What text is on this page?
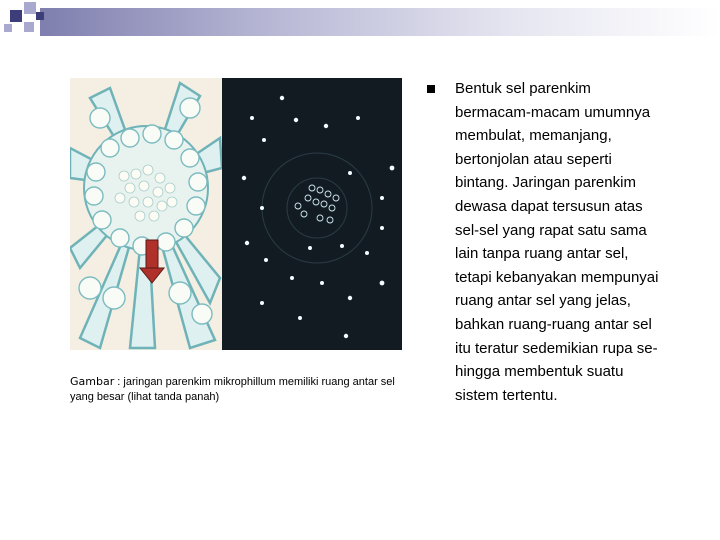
Gambar : jaringan parenkim mikrophillum memiliki ruang antar sel yang besar (lihat tanda panah)
Bentuk sel parenkim
bermacam-macam umumnya
membulat, memanjang,
bertonjolan atau seperti
bintang. Jaringan parenkim
dewasa dapat tersusun atas
sel-sel yang rapat satu sama
lain tanpa ruang antar sel,
tetapi kebanyakan mempunyai
ruang antar sel yang jelas,
bahkan ruang-ruang antar sel
itu teratur sedemikian rupa se-
hingga membentuk suatu
sistem tertentu.
